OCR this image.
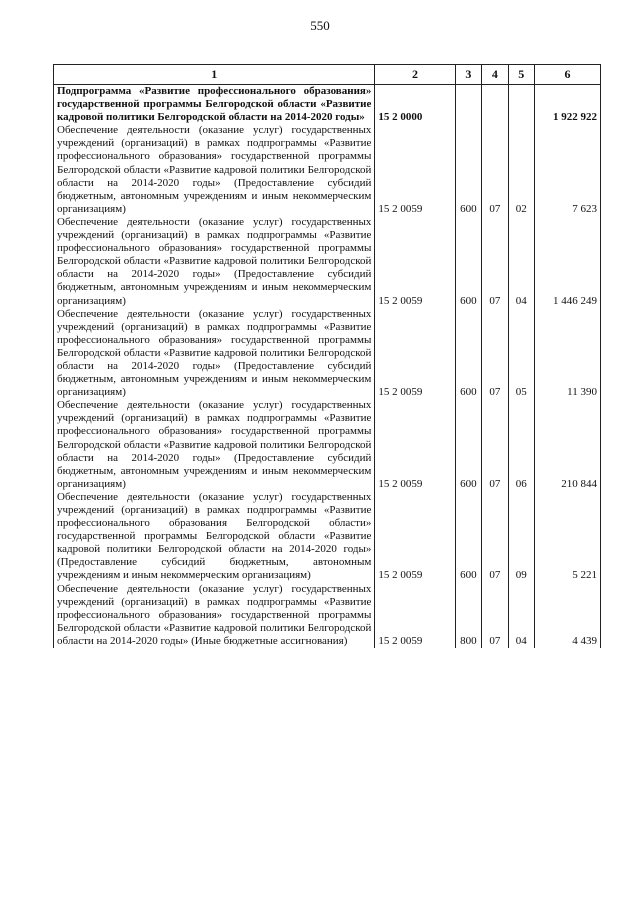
550
1	2	3	4	5	6
Подпрограмма «Развитие профессионального образования» государственной программы Белгородской области «Развитие кадровой политики Белгородской области на 2014-2020 годы»	15 2 0000				1 922 922
Обеспечение деятельности (оказание услуг) государственных учреждений (организаций) в рамках подпрограммы «Развитие профессионального образования» государственной программы Белгородской области «Развитие кадровой политики Белгородской области на 2014-2020 годы» (Предоставление субсидий бюджетным, автономным учреждениям и иным некоммерческим организациям)	15 2 0059	600	07	02	7 623
Обеспечение деятельности (оказание услуг) государственных учреждений (организаций) в рамках подпрограммы «Развитие профессионального образования» государственной программы Белгородской области «Развитие кадровой политики Белгородской области на 2014-2020 годы» (Предоставление субсидий бюджетным, автономным учреждениям и иным некоммерческим организациям)	15 2 0059	600	07	04	1 446 249
Обеспечение деятельности (оказание услуг) государственных учреждений (организаций) в рамках подпрограммы «Развитие профессионального образования» государственной программы Белгородской области «Развитие кадровой политики Белгородской области на 2014-2020 годы» (Предоставление субсидий бюджетным, автономным учреждениям и иным некоммерческим организациям)	15 2 0059	600	07	05	11 390
Обеспечение деятельности (оказание услуг) государственных учреждений (организаций) в рамках подпрограммы «Развитие профессионального образования» государственной программы Белгородской области «Развитие кадровой политики Белгородской области на 2014-2020 годы» (Предоставление субсидий бюджетным, автономным учреждениям и иным некоммерческим организациям)	15 2 0059	600	07	06	210 844
Обеспечение деятельности (оказание услуг) государственных учреждений (организаций) в рамках подпрограммы «Развитие профессионального образования Белгородской области» государственной программы Белгородской области «Развитие кадровой политики Белгородской области на 2014-2020 годы» (Предоставление субсидий бюджетным, автономным учреждениям и иным некоммерческим организациям)	15 2 0059	600	07	09	5 221
Обеспечение деятельности (оказание услуг) государственных учреждений (организаций) в рамках подпрограммы «Развитие профессионального образования» государственной программы Белгородской области «Развитие кадровой политики Белгородской области на 2014-2020 годы» (Иные бюджетные ассигнования)	15 2 0059	800	07	04	4 439
